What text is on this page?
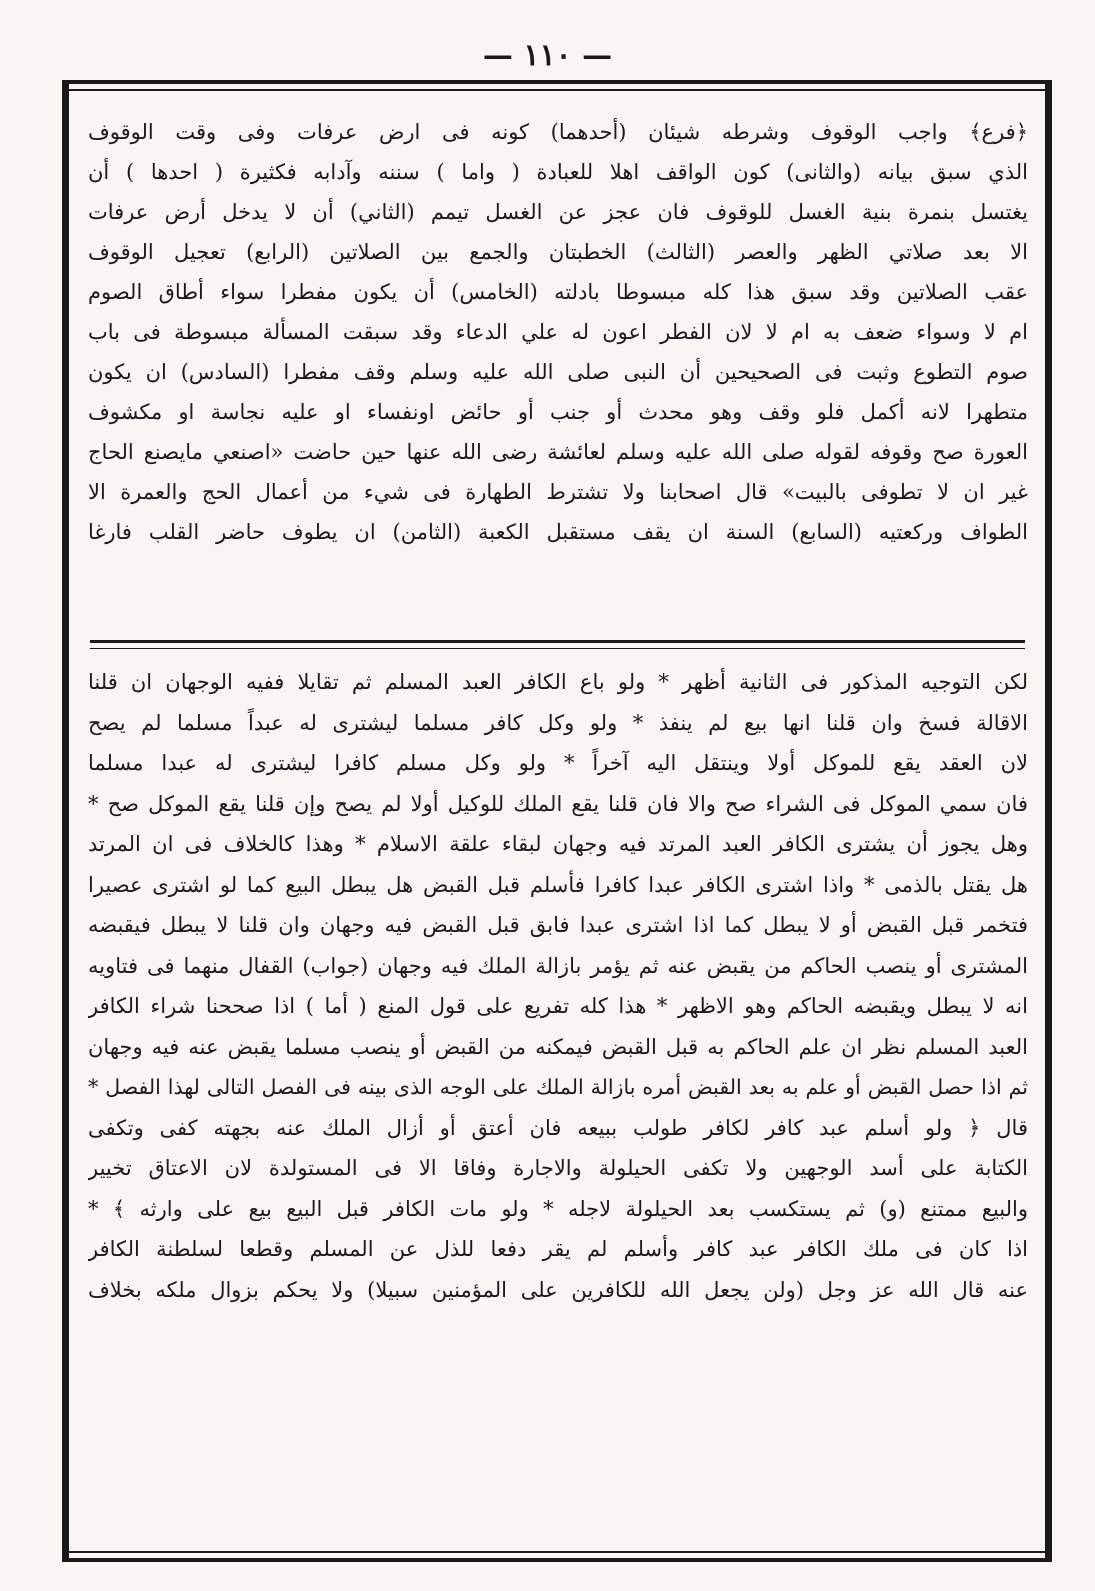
— ١١٠ —
﴿فرع﴾ واجب الوقوف وشرطه شيئان (أحدهما) كونه فى ارض عرفات وفى وقت الوقوف
الذي سبق بيانه (والثانى) كون الواقف اهلا للعبادة ( واما ) سننه وآدابه فكثيرة ( احدها ) أن
يغتسل بنمرة بنية الغسل للوقوف فان عجز عن الغسل تيمم (الثاني) أن لا يدخل أرض عرفات
الا بعد صلاتي الظهر والعصر (الثالث) الخطبتان والجمع بين الصلاتين (الرابع) تعجيل الوقوف
عقب الصلاتين وقد سبق هذا كله مبسوطا بادلته (الخامس) أن يكون مفطرا سواء أطاق الصوم
ام لا وسواء ضعف به ام لا لان الفطر اعون له علي الدعاء وقد سبقت المسألة مبسوطة فى باب
صوم التطوع وثبت فى الصحيحين أن النبى صلى الله عليه وسلم وقف مفطرا (السادس) ان يكون
متطهرا لانه أكمل فلو وقف وهو محدث أو جنب أو حائض اونفساء او عليه نجاسة او مكشوف
العورة صح وقوفه لقوله صلى الله عليه وسلم لعائشة رضى الله عنها حين حاضت «اصنعي مايصنع الحاج
غير ان لا تطوفى بالبيت» قال اصحابنا ولا تشترط الطهارة فى شيء من أعمال الحج والعمرة الا
الطواف وركعتيه (السابع) السنة ان يقف مستقبل الكعبة (الثامن) ان يطوف حاضر القلب فارغا
لكن التوجيه المذكور فى الثانية أظهر * ولو باع الكافر العبد المسلم ثم تقايلا ففيه الوجهان ان قلنا
الاقالة فسخ وان قلنا انها بيع لم ينفذ * ولو وكل كافر مسلما ليشترى له عبداً مسلما لم يصح
لان العقد يقع للموكل أولا وينتقل اليه آخراً * ولو وكل مسلم كافرا ليشترى له عبدا مسلما
فان سمي الموكل فى الشراء صح والا فان قلنا يقع الملك للوكيل أولا لم يصح وإن قلنا يقع الموكل صح *
وهل يجوز أن يشترى الكافر العبد المرتد فيه وجهان لبقاء علقة الاسلام * وهذا كالخلاف فى ان المرتد
هل يقتل بالذمى * واذا اشترى الكافر عبدا كافرا فأسلم قبل القبض هل يبطل البيع كما لو اشترى عصيرا
فتخمر قبل القبض أو لا يبطل كما اذا اشترى عبدا فابق قبل القبض فيه وجهان وان قلنا لا يبطل فيقبضه
المشترى أو ينصب الحاكم من يقبض عنه ثم يؤمر بازالة الملك فيه وجهان (جواب) القفال منهما فى فتاويه
انه لا يبطل ويقبضه الحاكم وهو الاظهر * هذا كله تفريع على قول المنع ( أما ) اذا صححنا شراء الكافر
العبد المسلم نظر ان علم الحاكم به قبل القبض فيمكنه من القبض أو ينصب مسلما يقبض عنه فيه وجهان
ثم اذا حصل القبض أو علم به بعد القبض أمره بازالة الملك على الوجه الذى بينه فى الفصل التالى لهذا الفصل *
قال ﴿ ولو أسلم عبد كافر لكافر طولب ببيعه فان أعتق أو أزال الملك عنه بجهته كفى وتكفى
الكتابة على أسد الوجهين ولا تكفى الحيلولة والاجارة وفاقا الا فى المستولدة لان الاعتاق تخيير
والبيع ممتنع (و) ثم يستكسب بعد الحيلولة لاجله * ولو مات الكافر قبل البيع بيع على وارثه ﴾ *
اذا كان فى ملك الكافر عبد كافر وأسلم لم يقر دفعا للذل عن المسلم وقطعا لسلطنة الكافر
عنه قال الله عز وجل (ولن يجعل الله للكافرين على المؤمنين سبيلا) ولا يحكم بزوال ملكه بخلاف
